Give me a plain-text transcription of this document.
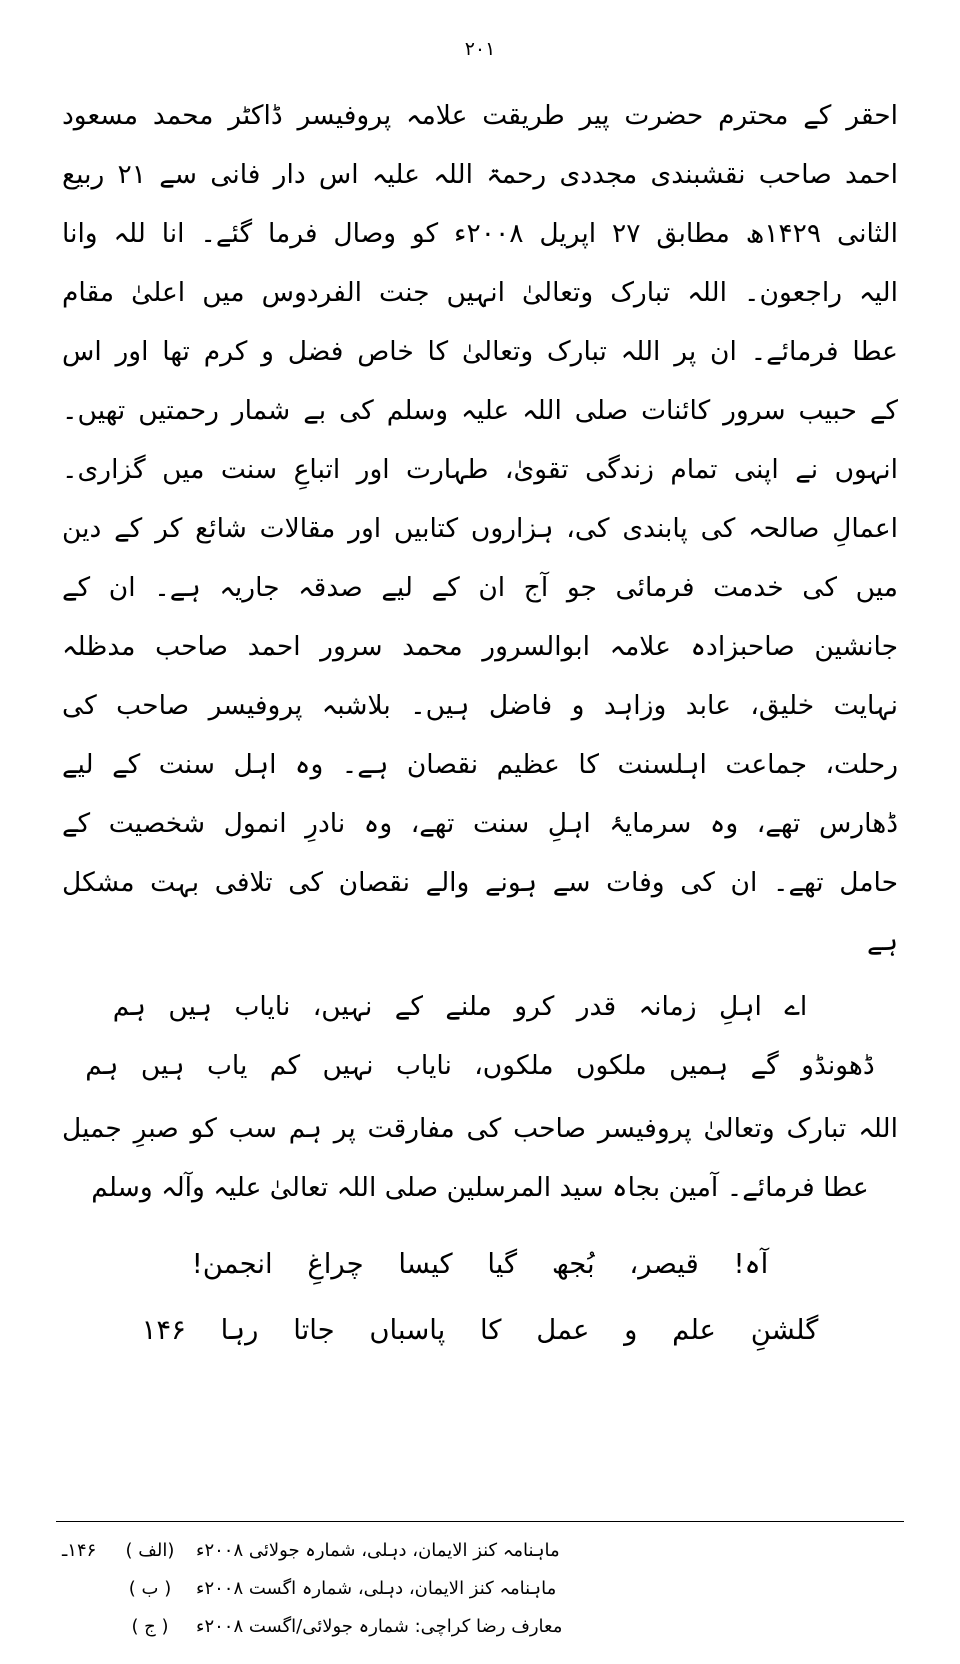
۲۰۱

احقر کے محترم حضرت پیر طریقت علامہ پروفیسر ڈاکٹر محمد مسعود احمد صاحب نقشبندی مجددی رحمۃ اللہ علیہ اس دار فانی سے ۲۱ ربیع الثانی ۱۴۲۹ھ مطابق ۲۷ اپریل ۲۰۰۸ء کو وصال فرما گئے۔ انا للہ وانا الیہ راجعون۔ اللہ تبارک وتعالیٰ انہیں جنت الفردوس میں اعلیٰ مقام عطا فرمائے۔ ان پر اللہ تبارک وتعالیٰ کا خاص فضل و کرم تھا اور اس کے حبیب سرور کائنات صلی اللہ علیہ وسلم کی بے شمار رحمتیں تھیں۔ انہوں نے اپنی تمام زندگی تقویٰ، طہارت اور اتباعِ سنت میں گزاری۔ اعمالِ صالحہ کی پابندی کی، ہزاروں کتابیں اور مقالات شائع کر کے دین میں کی خدمت فرمائی جو آج ان کے لیے صدقہ جاریہ ہے۔ ان کے جانشین صاحبزادہ علامہ ابوالسرور محمد سرور احمد صاحب مدظلہ نہایت خلیق، عابد وزاہد و فاضل ہیں۔ بلاشبہ پروفیسر صاحب کی رحلت، جماعت اہلسنت کا عظیم نقصان ہے۔ وہ اہل سنت کے لیے ڈھارس تھے، وہ سرمایۂ اہلِ سنت تھے، وہ نادرِ انمول شخصیت کے حامل تھے۔ ان کی وفات سے ہونے والے نقصان کی تلافی بہت مشکل ہے

اے اہلِ زمانہ قدر کرو ملنے کے نہیں، نایاب ہیں ہم
ڈھونڈو گے ہمیں ملکوں ملکوں، نایاب نہیں کم یاب ہیں ہم
اللہ تبارک وتعالیٰ پروفیسر صاحب کی مفارقت پر ہم سب کو صبرِ جمیل عطا فرمائے۔ آمین بجاہ سید المرسلین صلی اللہ تعالیٰ علیہ وآلہ وسلم
آہ! قیصر، بُجھ گیا کیسا چراغِ انجمن!
گلشنِ علم و عمل کا پاسباں جاتا رہا ۱۴۶
ماہنامہ کنز الایمان، دہلی، شمارہ جولائی ۲۰۰۸ء
(الف )
۱۴۶ـ
ماہنامہ کنز الایمان، دہلی، شمارہ اگست ۲۰۰۸ء
( ب )
معارف رضا کراچی: شمارہ جولائی/اگست ۲۰۰۸ء
( ج )
